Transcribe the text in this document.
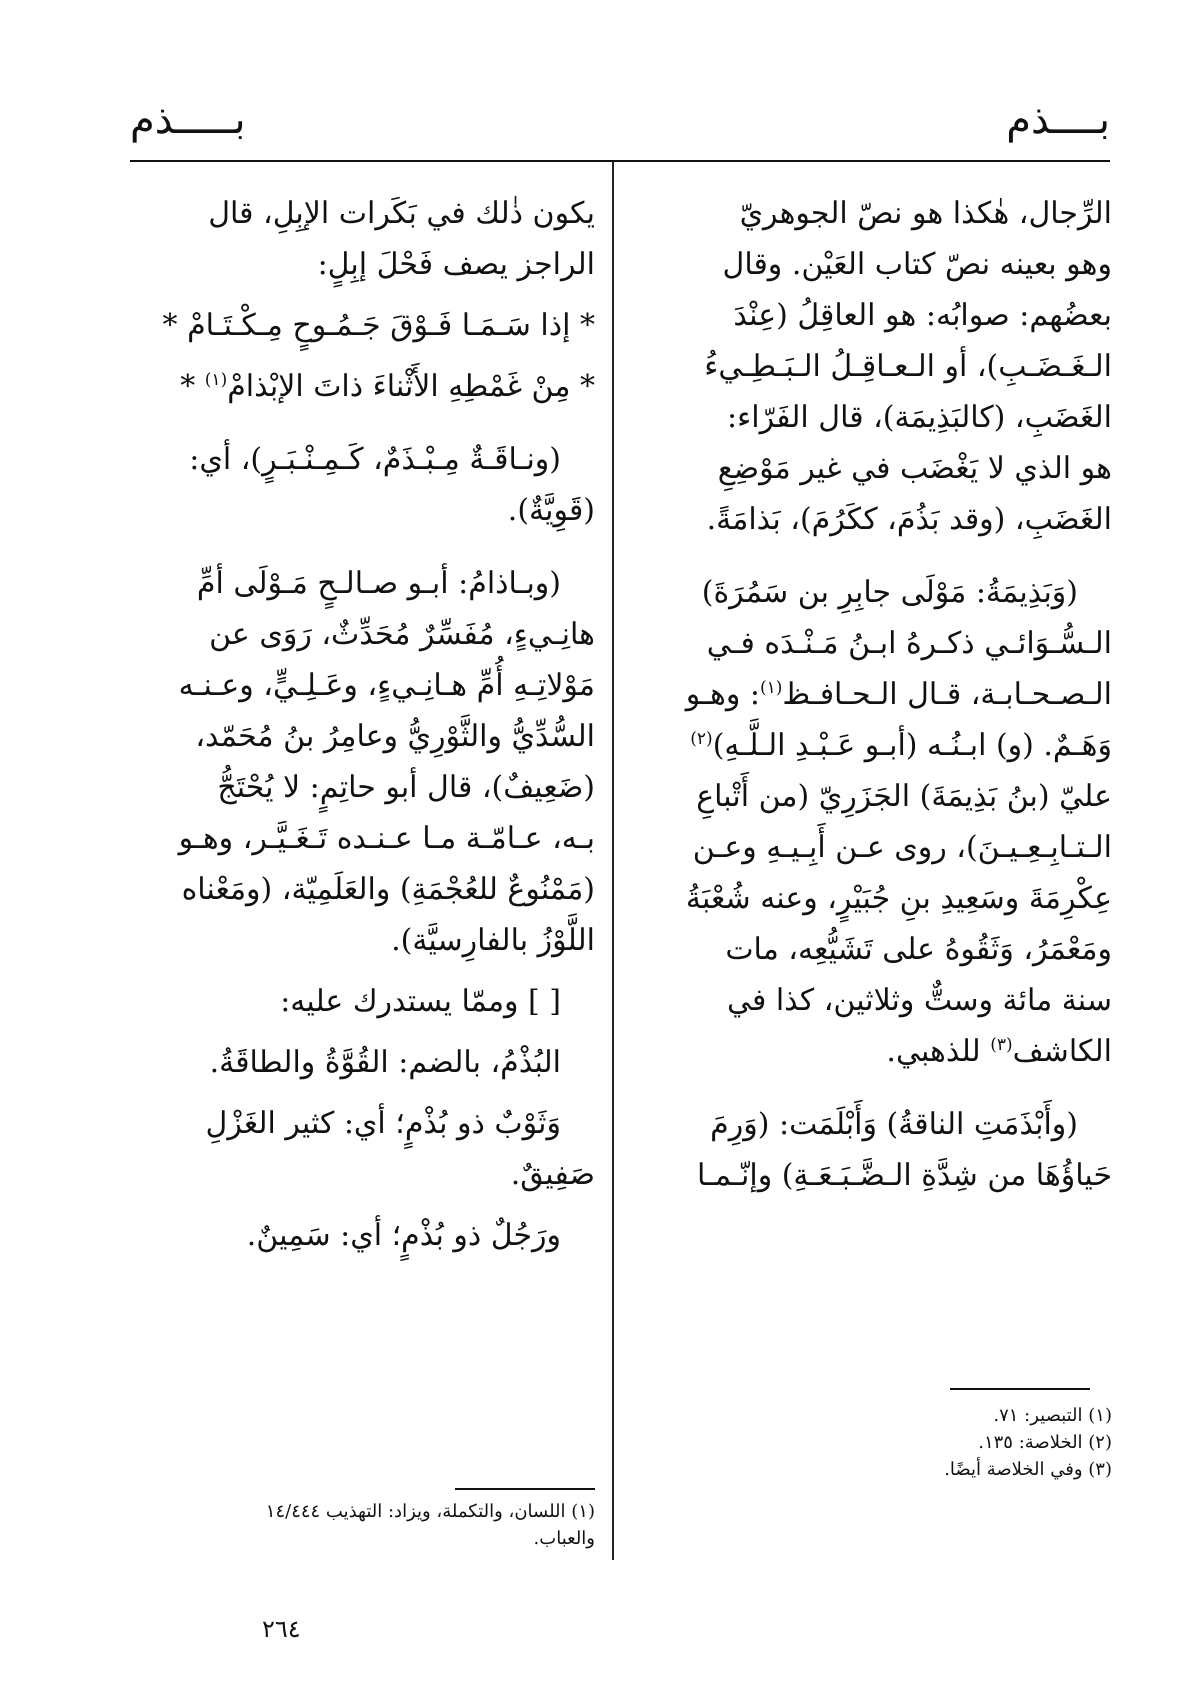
بــــذم
بـــــذم

الرِّجال، هٰكذا هو نصّ الجوهريّ

وهو بعينه نصّ كتاب العَيْن. وقال

بعضُهم: صوابُه: هو العاقِلُ (عِنْدَ

الـغَـضَـبِ)، أو الـعـاقِـلُ الـبَـطِـيءُ

الغَضَبِ، (كالبَذِيمَة)، قال الفَرّاء:

هو الذي لا يَغْضَب في غير مَوْضِعِ

الغَضَبِ، (وقد بَذُمَ، ككَرُمَ)، بَذامَةً.

(وَبَذِيمَةُ: مَوْلَى جابِرِ بن سَمُرَةَ)

الـسُّـوَائـي ذكـرهُ ابـنُ مَـنْـدَه فـي

الـصـحـابـة، قـال الـحـافـظ$^{(١)}$: وهـو

وَهَـمٌ. (و) ابـنُـه (أبـو عَـبْـدِ الـلَّـهِ)$^{(٢)}$

عليّ (بنُ بَذِيمَةَ) الجَزَرِيّ (من أَتْباعِ

الـتـابِـعِـيـنَ)، روى عـن أَبِـيـهِ وعـن

عِكْرِمَةَ وسَعِيدِ بنِ جُبَيْرٍ، وعنه شُعْبَةُ

ومَعْمَرُ، وَثَقُوهُ على تَشَيُّعِه، مات

سنة مائة وستٌّ وثلاثين، كذا في

الكاشف$^{(٣)}$ للذهبي.

(وأَبْذَمَتِ الناقةُ) وَأَبْلَمَت: (وَرِمَ

حَياؤُهَا من شِدَّةِ الـضَّـبَـعَـةِ) وإنّـمـا

يكون ذٰلك في بَكَرات الإبِلِ، قال

الراجز يصف فَحْلَ إبِلٍ:

* إذا سَـمَـا فَـوْقَ جَـمُـوحٍ مِـكْـتَـامْ *

* مِنْ غَمْطِهِ الأَثْناءَ ذاتَ الإبْذامْ$^{(١)}$ *

(ونـاقَـةٌ مِـبْـذَمٌ، كَـمِـنْـبَـرٍ)، أي:

(قَوِيَّةٌ).

(وبـاذامُ: أبـو صـالـحٍ مَـوْلَى أمِّ

هانِـيءٍ، مُفَسِّرٌ مُحَدِّثٌ، رَوَى عن

مَوْلاتِـهِ أُمِّ هـانِـيءٍ، وعَـلِـيٍّ، وعـنـه

السُّدِّيُّ والثَّوْرِيُّ وعامِرُ بنُ مُحَمّد،

(ضَعِيفٌ)، قال أبو حاتِمٍ: لا يُحْتَجُّ

بـه، عـامّـة مـا عـنـده تَـغَـيَّـر، وهـو

(مَمْنُوعٌ للعُجْمَةِ) والعَلَمِيّة، (ومَعْناه

اللَّوْزُ بالفارِسيَّة).

[ ] وممّا يستدرك عليه:

البُذْمُ، بالضم: القُوَّةُ والطاقَةُ.

وَثَوْبٌ ذو بُذْمٍ؛ أي: كثير الغَزْلِ

صَفِيقٌ.

ورَجُلٌ ذو بُذْمٍ؛ أي: سَمِينٌ.

(١) التبصير: ٧١.

(٢) الخلاصة: ١٣٥.

(٣) وفي الخلاصة أيضًا.

(١) اللسان، والتكملة، ويزاد: التهذيب ١٤/٤٤٤

والعباب.

٢٦٤
